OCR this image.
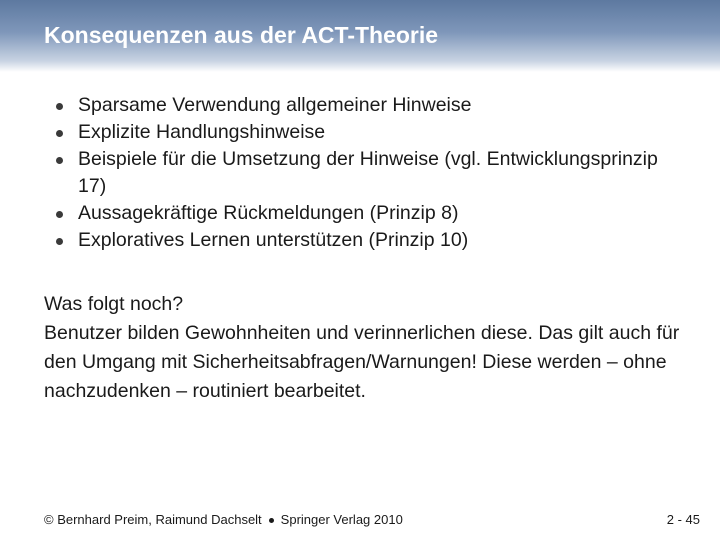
Konsequenzen aus der ACT-Theorie
Sparsame Verwendung allgemeiner Hinweise
Explizite Handlungshinweise
Beispiele für die Umsetzung der Hinweise (vgl. Entwicklungsprinzip 17)
Aussagekräftige Rückmeldungen (Prinzip 8)
Exploratives Lernen unterstützen (Prinzip 10)

Was folgt noch?

Benutzer bilden Gewohnheiten und verinnerlichen diese. Das gilt auch für den Umgang mit Sicherheitsabfragen/Warnungen! Diese werden – ohne nachzudenken – routiniert bearbeitet.

© Bernhard Preim, Raimund Dachselt Springer Verlag 2010	2 - 45
